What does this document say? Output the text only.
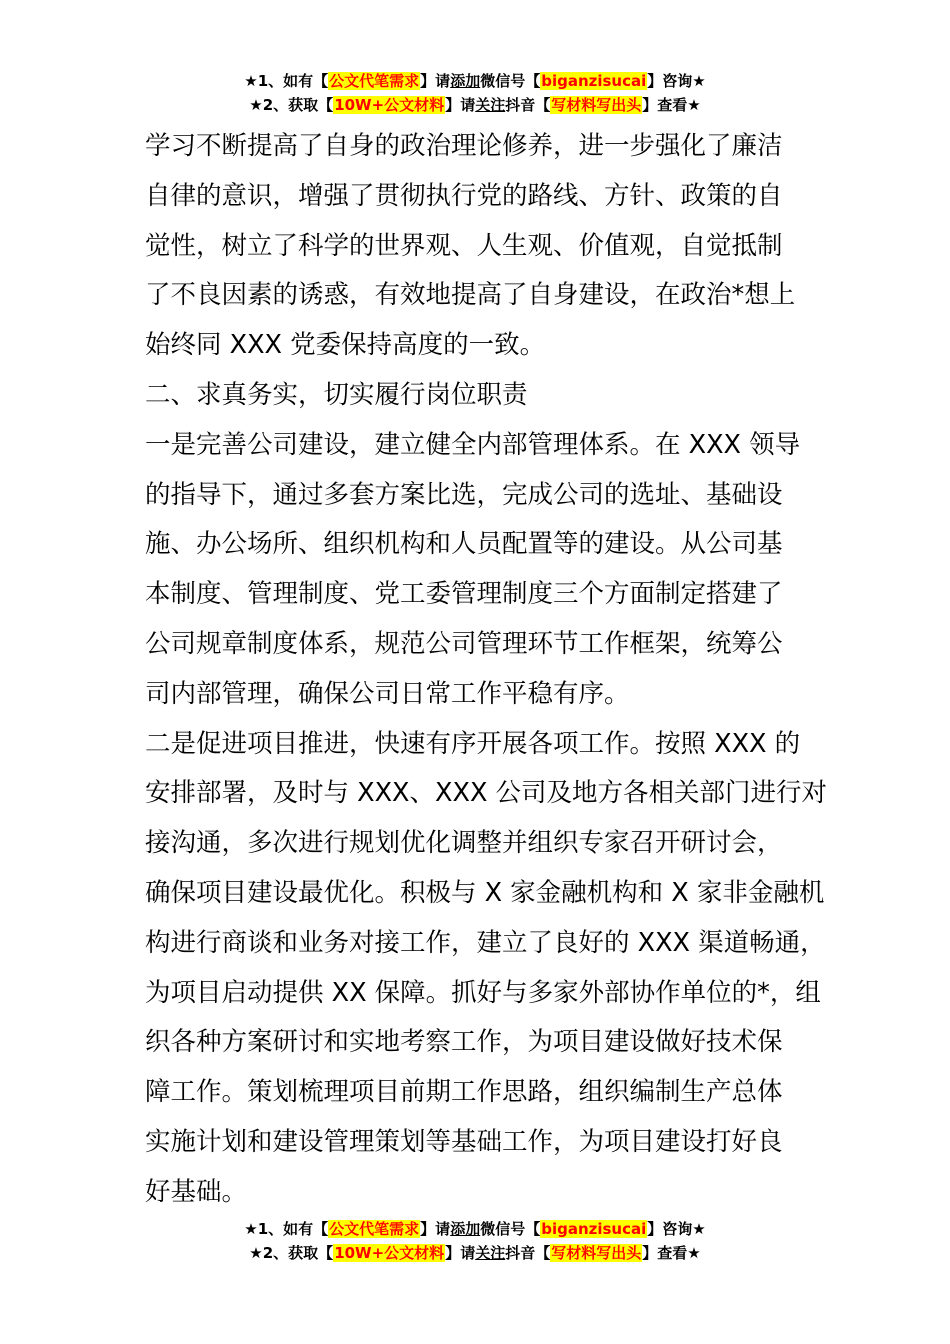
★1、如有【公文代笔需求】请添加微信号【biganzisucai】咨询★
★2、获取【10W+公文材料】请关注抖音【写材料写出头】查看★
学习不断提高了自身的政治理论修养，进一步强化了廉洁
自律的意识，增强了贯彻执行党的路线、方针、政策的自
觉性，树立了科学的世界观、人生观、价值观，自觉抵制
了不良因素的诱惑，有效地提高了自身建设，在政治*想上
始终同 XXX 党委保持高度的一致。
二、求真务实，切实履行岗位职责
一是完善公司建设，建立健全内部管理体系。在 XXX 领导
的指导下，通过多套方案比选，完成公司的选址、基础设
施、办公场所、组织机构和人员配置等的建设。从公司基
本制度、管理制度、党工委管理制度三个方面制定搭建了
公司规章制度体系，规范公司管理环节工作框架，统筹公
司内部管理，确保公司日常工作平稳有序。
二是促进项目推进，快速有序开展各项工作。按照 XXX 的
安排部署，及时与 XXX、XXX 公司及地方各相关部门进行对
接沟通，多次进行规划优化调整并组织专家召开研讨会，
确保项目建设最优化。积极与 X 家金融机构和 X 家非金融机
构进行商谈和业务对接工作，建立了良好的 XXX 渠道畅通，
为项目启动提供 XX 保障。抓好与多家外部协作单位的*，组
织各种方案研讨和实地考察工作，为项目建设做好技术保
障工作。策划梳理项目前期工作思路，组织编制生产总体
实施计划和建设管理策划等基础工作，为项目建设打好良
好基础。
★1、如有【公文代笔需求】请添加微信号【biganzisucai】咨询★
★2、获取【10W+公文材料】请关注抖音【写材料写出头】查看★
